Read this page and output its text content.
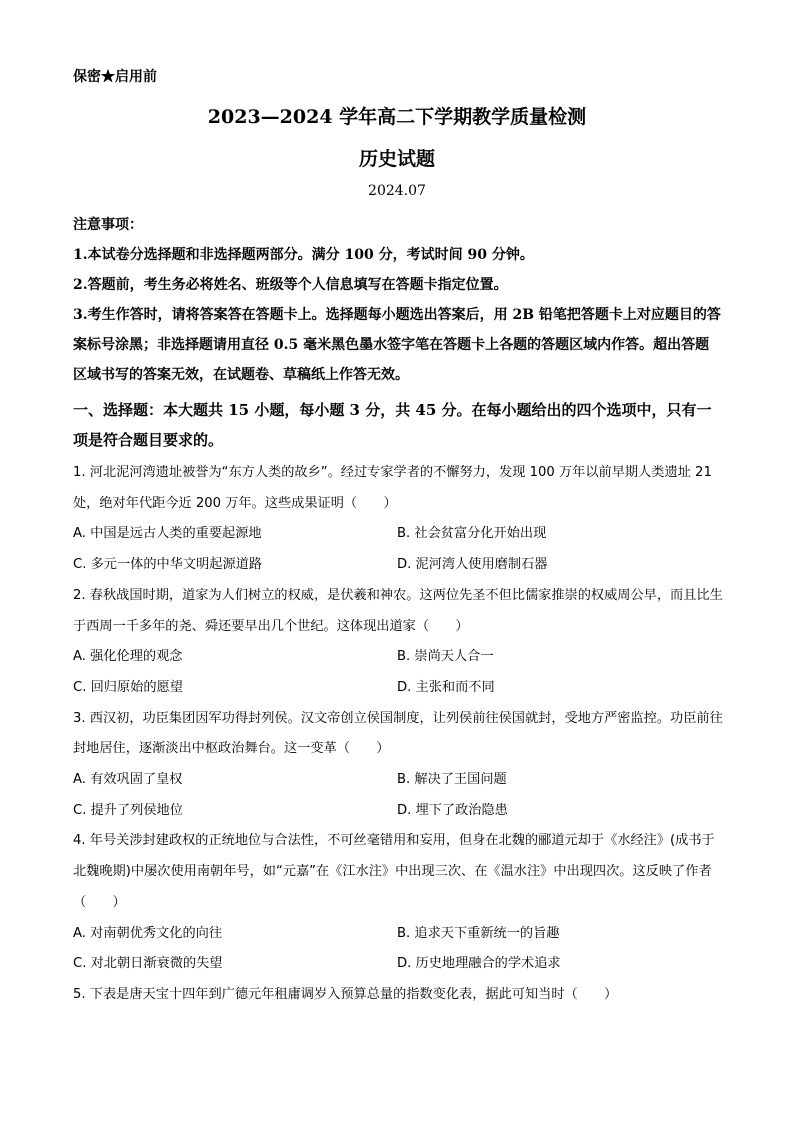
保密★启用前
2023—2024 学年高二下学期教学质量检测
历史试题
2024.07

注意事项：

1.本试卷分选择题和非选择题两部分。满分 100 分，考试时间 90 分钟。

2.答题前，考生务必将姓名、班级等个人信息填写在答题卡指定位置。

3.考生作答时，请将答案答在答题卡上。选择题每小题选出答案后，用 2B 铅笔把答题卡上对应题目的答案标号涂黑；非选择题请用直径 0.5 毫米黑色墨水签字笔在答题卡上各题的答题区域内作答。超出答题区域书写的答案无效，在试题卷、草稿纸上作答无效。

一、选择题：本大题共 15 小题，每小题 3 分，共 45 分。在每小题给出的四个选项中，只有一项是符合题目要求的。

1. 河北泥河湾遗址被誉为“东方人类的故乡”。经过专家学者的不懈努力，发现 100 万年以前早期人类遗址 21 处，绝对年代距今近 200 万年。这些成果证明（　　）

A. 中国是远古人类的重要起源地	B. 社会贫富分化开始出现
C. 多元一体的中华文明起源道路	D. 泥河湾人使用磨制石器

2. 春秋战国时期，道家为人们树立的权威，是伏羲和神农。这两位先圣不但比儒家推崇的权威周公早，而且比生于西周一千多年的尧、舜还要早出几个世纪。这体现出道家（　　）

A. 强化伦理的观念	B. 崇尚天人合一
C. 回归原始的愿望	D. 主张和而不同

3. 西汉初，功臣集团因军功得封列侯。汉文帝创立侯国制度，让列侯前往侯国就封，受地方严密监控。功臣前往封地居住，逐渐淡出中枢政治舞台。这一变革（　　）

A. 有效巩固了皇权	B. 解决了王国问题
C. 提升了列侯地位	D. 埋下了政治隐患

4. 年号关涉封建政权的正统地位与合法性，不可丝毫错用和妄用，但身在北魏的郦道元却于《水经注》(成书于北魏晚期)中屡次使用南朝年号，如“元嘉”在《江水注》中出现三次、在《温水注》中出现四次。这反映了作者（　　）

A. 对南朝优秀文化的向往	B. 追求天下重新统一的旨趣
C. 对北朝日渐衰微的失望	D. 历史地理融合的学术追求

5. 下表是唐天宝十四年到广德元年租庸调岁入预算总量的指数变化表，据此可知当时（　　）
